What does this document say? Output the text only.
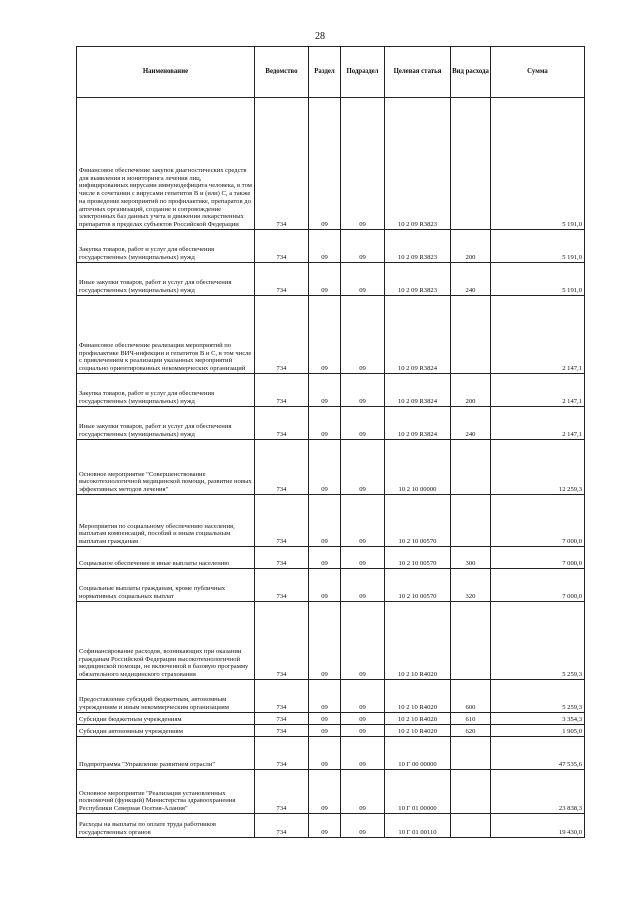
28
Наименование	Ведомство	Раздел	Подраздел	Целевая статья	Вид расхода	Сумма
Финансовое обеспечение закупок диагностических средств для выявления и мониторинга лечения лиц, инфицированных вирусами иммунодефицита человека, в том числе в сочетании с вирусами гепатитов B и (или) C, а также на проведение мероприятий по профилактике, препаратов до аптечных организаций, создание и сопровождение электронных баз данных учета и движения лекарственных препаратов в пределах субъектов Российской Федерации	734	09	09	10 2 09 R3823		5 191,0
Закупка товаров, работ и услуг для обеспечения государственных (муниципальных) нужд	734	09	09	10 2 09 R3823	200	5 191,0
Иные закупки товаров, работ и услуг для обеспечения государственных (муниципальных) нужд	734	09	09	10 2 09 R3823	240	5 191,0
Финансовое обеспечение реализации мероприятий по профилактике ВИЧ-инфекции и гепатитов B и C, в том числе с привлечением к реализации указанных мероприятий социально ориентированных некоммерческих организаций	734	09	09	10 2 09 R3824		2 147,1
Закупка товаров, работ и услуг для обеспечения государственных (муниципальных) нужд	734	09	09	10 2 09 R3824	200	2 147,1
Иные закупки товаров, работ и услуг для обеспечения государственных (муниципальных) нужд	734	09	09	10 2 09 R3824	240	2 147,1
Основное мероприятие "Совершенствование высокотехнологичной медицинской помощи, развитие новых эффективных методов лечения"	734	09	09	10 2 10 00000		12 259,3
Мероприятия по социальному обеспечению населения, выплатам компенсаций, пособий и иным социальным выплатам гражданам	734	09	09	10 2 10 00570		7 000,0
Социальное обеспечение и иные выплаты населению	734	09	09	10 2 10 00570	300	7 000,0
Социальные выплаты гражданам, кроме публичных нормативных социальных выплат	734	09	09	10 2 10 00570	320	7 000,0
Софинансирование расходов, возникающих при оказании гражданам Российской Федерации высокотехнологичной медицинской помощи, не включенной в базовую программу обязательного медицинского страхования	734	09	09	10 2 10 R4020		5 259,3
Предоставление субсидий бюджетным, автономным учреждениям и иным некоммерческим организациям	734	09	09	10 2 10 R4020	600	5 259,3
Субсидии бюджетным учреждениям	734	09	09	10 2 10 R4020	610	3 354,3
Субсидии автономным учреждениям	734	09	09	10 2 10 R4020	620	1 905,0
Подпрограмма "Управление развитием отрасли"	734	09	09	10 Г 00 00000		47 535,6
Основное мероприятие "Реализация установленных полномочий (функций) Министерства здравоохранения Республики Северная Осетия-Алания"	734	09	09	10 Г 01 00000		23 838,3
Расходы на выплаты по оплате труда работников государственных органов	734	09	09	10 Г 01 00110		19 430,0
